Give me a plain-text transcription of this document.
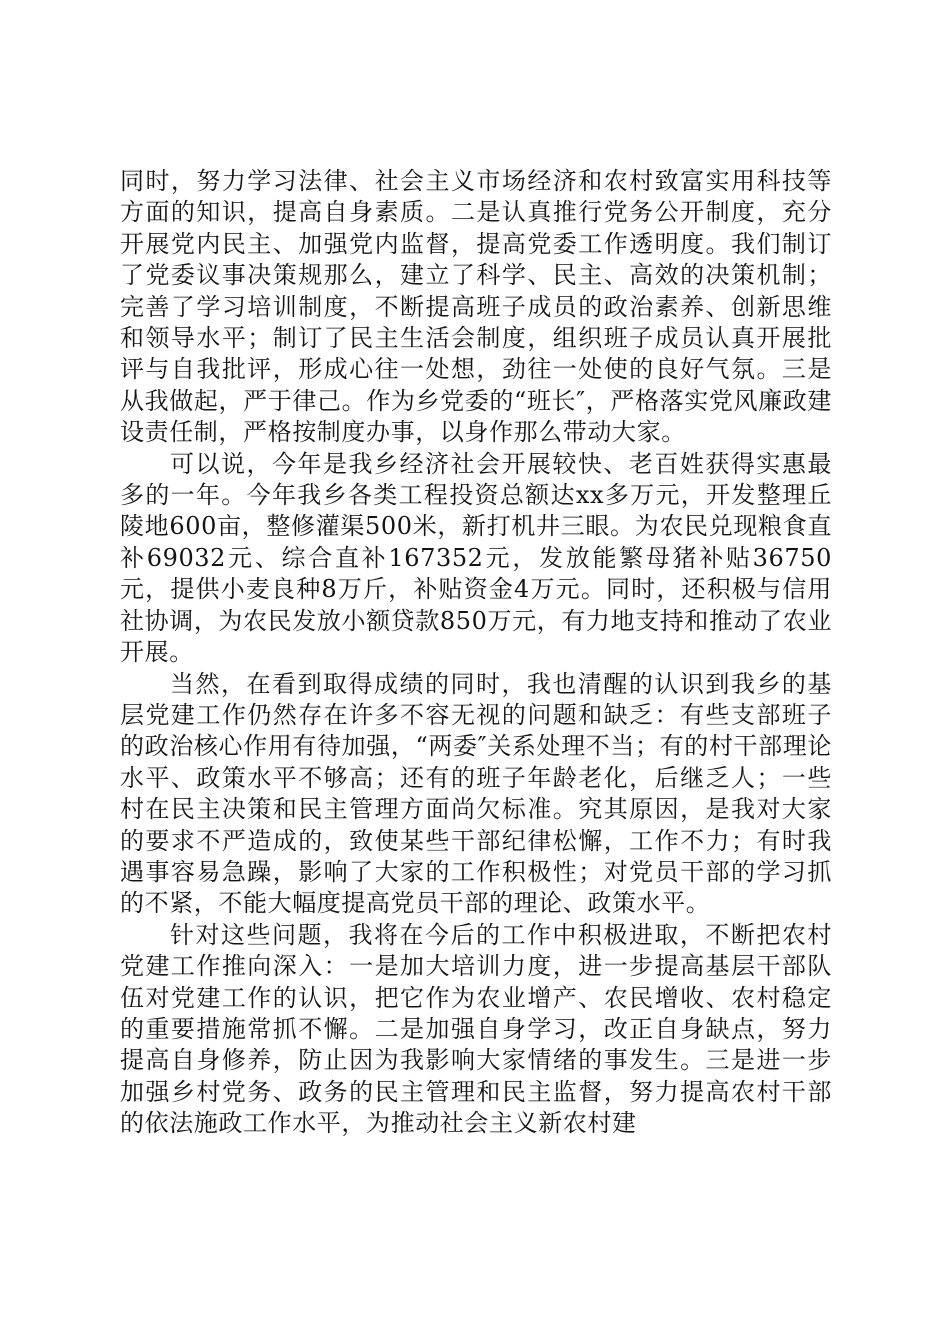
同时，努力学习法律、社会主义市场经济和农村致富实用科技等方面的知识，提高自身素质。二是认真推行党务公开制度，充分开展党内民主、加强党内监督，提高党委工作透明度。我们制订了党委议事决策规那么，建立了科学、民主、高效的决策机制；完善了学习培训制度，不断提高班子成员的政治素养、创新思维和领导水平；制订了民主生活会制度，组织班子成员认真开展批评与自我批评，形成心往一处想，劲往一处使的良好气氛。三是从我做起，严于律己。作为乡党委的“班长″，严格落实党风廉政建设责任制，严格按制度办事，以身作那么带动大家。

可以说，今年是我乡经济社会开展较快、老百姓获得实惠最多的一年。今年我乡各类工程投资总额达xx多万元，开发整理丘陵地600亩，整修灌渠500米，新打机井三眼。为农民兑现粮食直补69032元、综合直补167352元，发放能繁母猪补贴36750元，提供小麦良种8万斤，补贴资金4万元。同时，还积极与信用社协调，为农民发放小额贷款850万元，有力地支持和推动了农业开展。

当然，在看到取得成绩的同时，我也清醒的认识到我乡的基层党建工作仍然存在许多不容无视的问题和缺乏：有些支部班子的政治核心作用有待加强，“两委″关系处理不当；有的村干部理论水平、政策水平不够高；还有的班子年龄老化，后继乏人；一些村在民主决策和民主管理方面尚欠标准。究其原因，是我对大家的要求不严造成的，致使某些干部纪律松懈，工作不力；有时我遇事容易急躁，影响了大家的工作积极性；对党员干部的学习抓的不紧，不能大幅度提高党员干部的理论、政策水平。

针对这些问题，我将在今后的工作中积极进取，不断把农村党建工作推向深入：一是加大培训力度，进一步提高基层干部队伍对党建工作的认识，把它作为农业增产、农民增收、农村稳定的重要措施常抓不懈。二是加强自身学习，改正自身缺点，努力提高自身修养，防止因为我影响大家情绪的事发生。三是进一步加强乡村党务、政务的民主管理和民主监督，努力提高农村干部的依法施政工作水平，为推动社会主义新农村建
